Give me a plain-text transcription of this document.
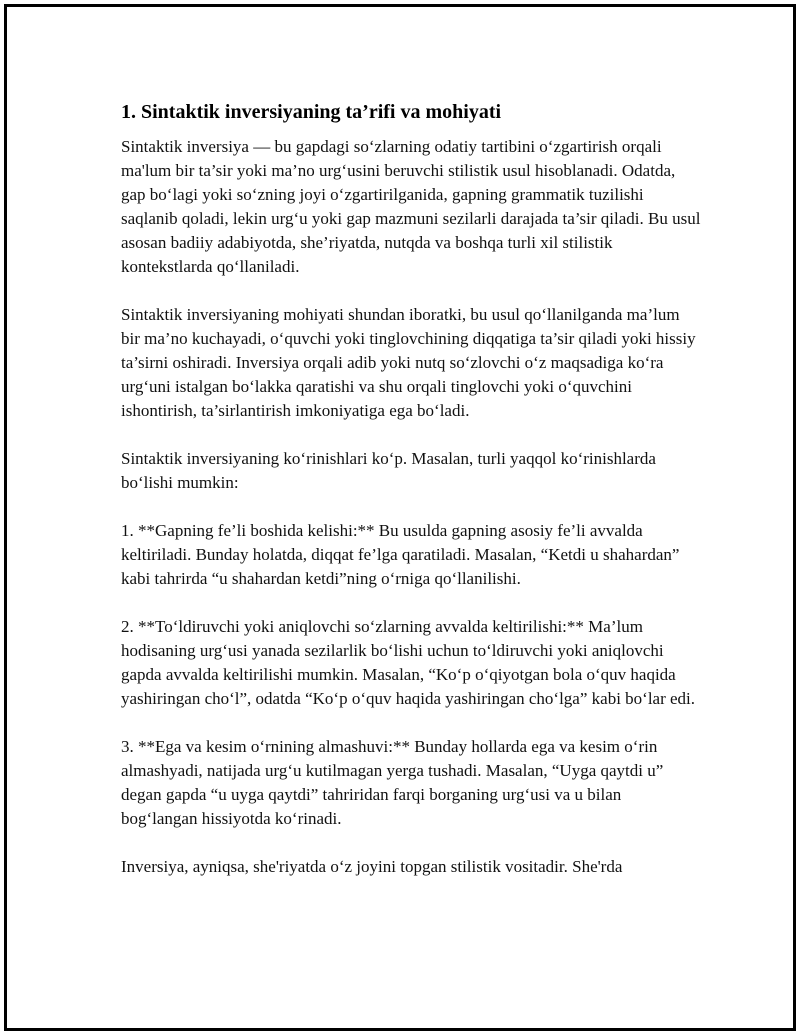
1. Sintaktik inversiyaning ta’rifi va mohiyati

Sintaktik inversiya — bu gapdagi so‘zlarning odatiy tartibini o‘zgartirish orqali ma'lum bir ta’sir yoki ma’no urg‘usini beruvchi stilistik usul hisoblanadi. Odatda, gap bo‘lagi yoki so‘zning joyi o‘zgartirilganida, gapning grammatik tuzilishi saqlanib qoladi, lekin urg‘u yoki gap mazmuni sezilarli darajada ta’sir qiladi. Bu usul asosan badiiy adabiyotda, she’riyatda, nutqda va boshqa turli xil stilistik kontekstlarda qo‘llaniladi.

Sintaktik inversiyaning mohiyati shundan iboratki, bu usul qo‘llanilganda ma’lum bir ma’no kuchayadi, o‘quvchi yoki tinglovchining diqqatiga ta’sir qiladi yoki hissiy ta’sirni oshiradi. Inversiya orqali adib yoki nutq so‘zlovchi o‘z maqsadiga ko‘ra urg‘uni istalgan bo‘lakka qaratishi va shu orqali tinglovchi yoki o‘quvchini ishontirish, ta’sirlantirish imkoniyatiga ega bo‘ladi.

Sintaktik inversiyaning ko‘rinishlari ko‘p. Masalan, turli yaqqol ko‘rinishlarda bo‘lishi mumkin:

1. **Gapning fe’li boshida kelishi:** Bu usulda gapning asosiy fe’li avvalda keltiriladi. Bunday holatda, diqqat fe’lga qaratiladi. Masalan, “Ketdi u shahardan” kabi tahrirda “u shahardan ketdi”ning o‘rniga qo‘llanilishi.

2. **To‘ldiruvchi yoki aniqlovchi so‘zlarning avvalda keltirilishi:** Ma’lum hodisaning urg‘usi yanada sezilarlik bo‘lishi uchun to‘ldiruvchi yoki aniqlovchi gapda avvalda keltirilishi mumkin. Masalan, “Ko‘p o‘qiyotgan bola o‘quv haqida yashiringan cho‘l”, odatda “Ko‘p o‘quv haqida yashiringan cho‘lga” kabi bo‘lar edi.

3. **Ega va kesim o‘rnining almashuvi:** Bunday hollarda ega va kesim o‘rin almashyadi, natijada urg‘u kutilmagan yerga tushadi. Masalan, “Uyga qaytdi u” degan gapda “u uyga qaytdi” tahriridan farqi borganing urg‘usi va u bilan bog‘langan hissiyotda ko‘rinadi.

Inversiya, ayniqsa, she'riyatda o‘z joyini topgan stilistik vositadir. She'rda
